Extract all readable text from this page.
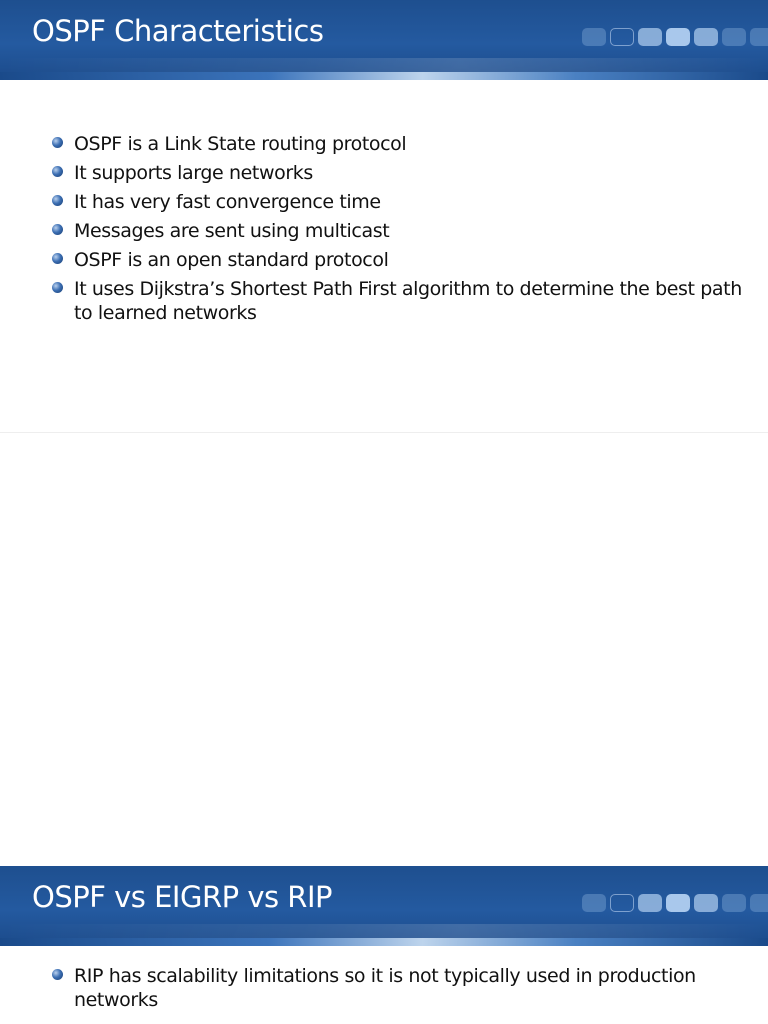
OSPF Characteristics
OSPF is a Link State routing protocol
It supports large networks
It has very fast convergence time
Messages are sent using multicast
OSPF is an open standard protocol
It uses Dijkstra’s Shortest Path First algorithm to determine the best path to learned networks
OSPF vs EIGRP vs RIP
RIP has scalability limitations so it is not typically used in production networks
